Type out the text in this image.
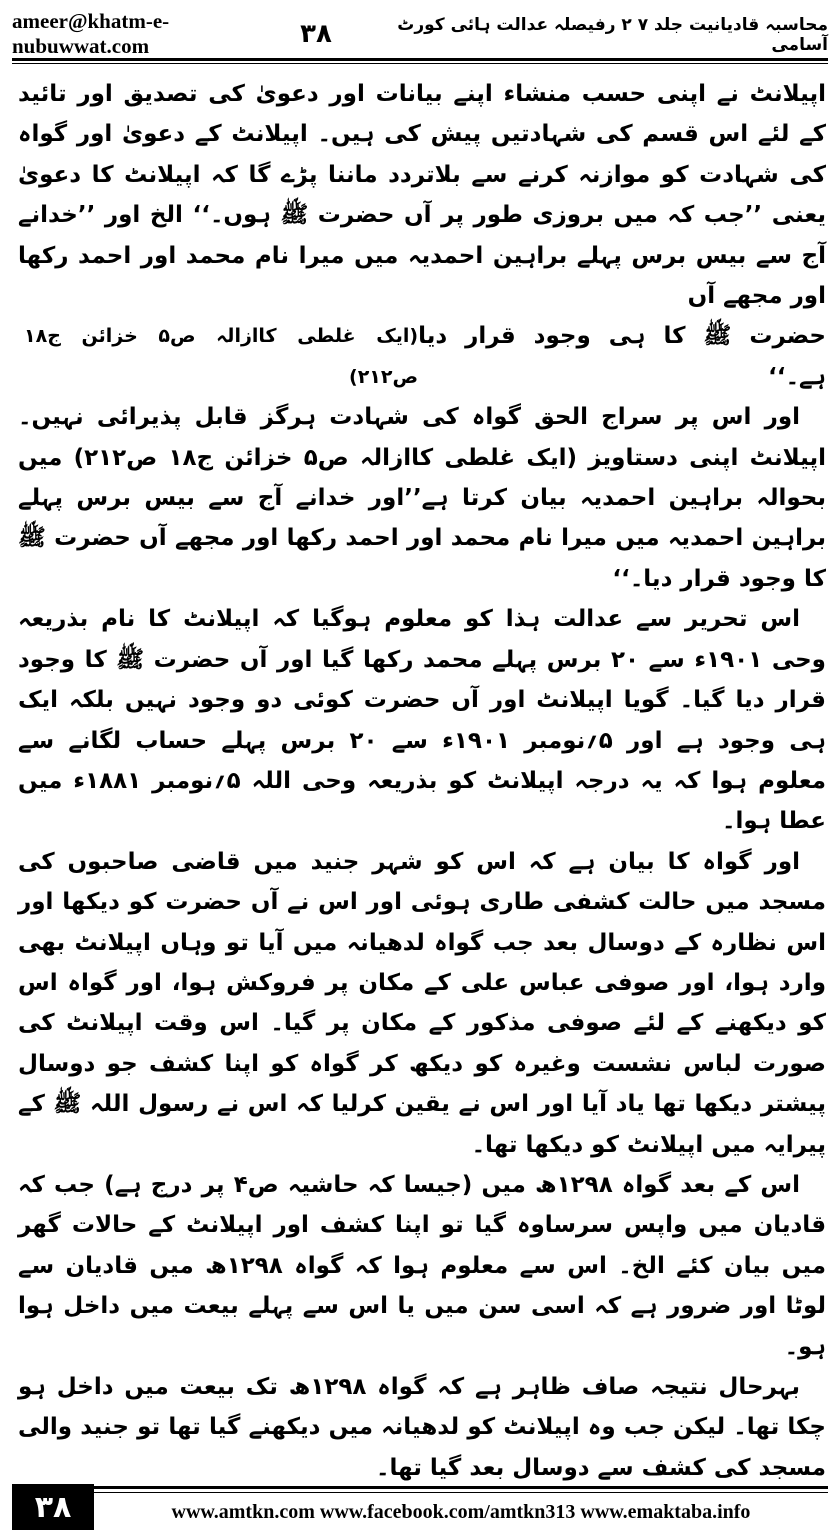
ameer@khatm-e-nubuwwat.com
محاسبہ قادیانیت جلد ۷ ۲ رفیصلہ عدالت ہائی کورٹ آسامی
۳۸

اپیلانٹ نے اپنی حسب منشاء اپنے بیانات اور دعویٰ کی تصدیق اور تائید کے لئے اس قسم کی شہادتیں پیش کی ہیں۔ اپیلانٹ کے دعویٰ اور گواہ کی شہادت کو موازنہ کرنے سے بلاتردد ماننا پڑے گا کہ اپیلانٹ کا دعویٰ یعنی ’’جب کہ میں بروزی طور پر آں حضرت ﷺ ہوں۔‘‘ الخ اور ’’خدانے آج سے بیس برس پہلے براہین احمدیہ میں میرا نام محمد اور احمد رکھا اور مجھے آں

حضرت ﷺ کا ہی وجود قرار دیا ہے۔‘‘
(ایک غلطی کاازالہ ص۵ خزائن ج۱۸ ص۲۱۲)

اور اس پر سراج الحق گواہ کی شہادت ہرگز قابل پذیرائی نہیں۔ اپیلانٹ اپنی دستاویز (ایک غلطی کاازالہ ص۵ خزائن ج۱۸ ص۲۱۲) میں بحوالہ براہین احمدیہ بیان کرتا ہے’’اور خدانے آج سے بیس برس پہلے براہین احمدیہ میں میرا نام محمد اور احمد رکھا اور مجھے آں حضرت ﷺ کا وجود قرار دیا۔‘‘

اس تحریر سے عدالت ہذا کو معلوم ہوگیا کہ اپیلانٹ کا نام بذریعہ وحی ۱۹۰۱ء سے ۲۰ برس پہلے محمد رکھا گیا اور آں حضرت ﷺ کا وجود قرار دیا گیا۔ گویا اپیلانٹ اور آں حضرت کوئی دو وجود نہیں بلکہ ایک ہی وجود ہے اور ۵؍نومبر ۱۹۰۱ء سے ۲۰ برس پہلے حساب لگانے سے معلوم ہوا کہ یہ درجہ اپیلانٹ کو بذریعہ وحی اللہ ۵؍نومبر ۱۸۸۱ء میں عطا ہوا۔

اور گواہ کا بیان ہے کہ اس کو شہر جنید میں قاضی صاحبوں کی مسجد میں حالت کشفی طاری ہوئی اور اس نے آں حضرت کو دیکھا اور اس نظارہ کے دوسال بعد جب گواہ لدھیانہ میں آیا تو وہاں اپیلانٹ بھی وارد ہوا، اور صوفی عباس علی کے مکان پر فروکش ہوا، اور گواہ اس کو دیکھنے کے لئے صوفی مذکور کے مکان پر گیا۔ اس وقت اپیلانٹ کی صورت لباس نشست وغیرہ کو دیکھ کر گواہ کو اپنا کشف جو دوسال پیشتر دیکھا تھا یاد آیا اور اس نے یقین کرلیا کہ اس نے رسول اللہ ﷺ کے پیرایہ میں اپیلانٹ کو دیکھا تھا۔

اس کے بعد گواہ ۱۲۹۸ھ میں (جیسا کہ حاشیہ ص۴ پر درج ہے) جب کہ قادیان میں واپس سرساوہ گیا تو اپنا کشف اور اپیلانٹ کے حالات گھر میں بیان کئے الخ۔ اس سے معلوم ہوا کہ گواہ ۱۲۹۸ھ میں قادیان سے لوٹا اور ضرور ہے کہ اسی سن میں یا اس سے پہلے بیعت میں داخل ہوا ہو۔

بہرحال نتیجہ صاف ظاہر ہے کہ گواہ ۱۲۹۸ھ تک بیعت میں داخل ہو چکا تھا۔ لیکن جب وہ اپیلانٹ کو لدھیانہ میں دیکھنے گیا تھا تو جنید والی مسجد کی کشف سے دوسال بعد گیا تھا۔

۳۸	www.amtkn.com www.facebook.com/amtkn313 www.emaktaba.info
